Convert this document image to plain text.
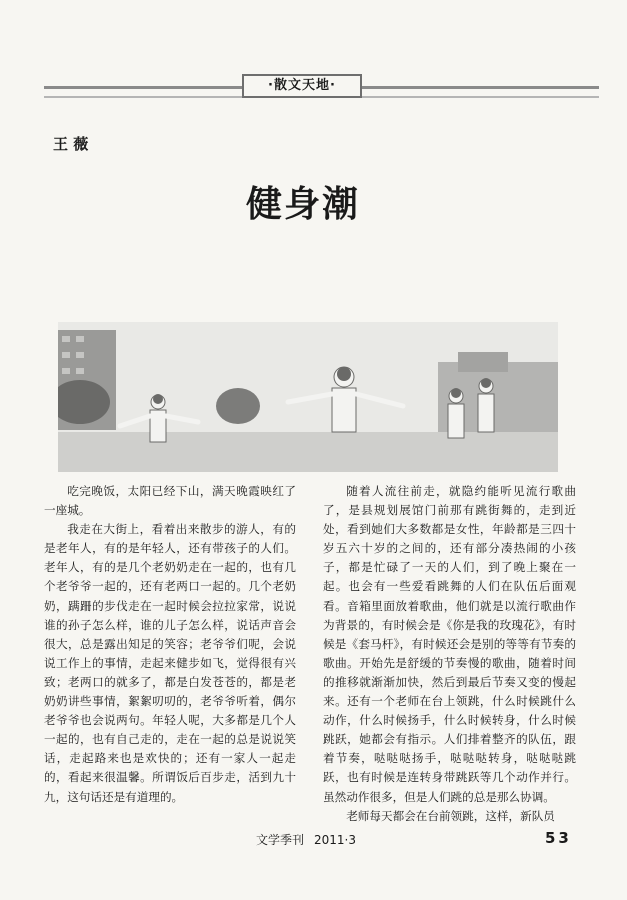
·散文天地·
王 薇
健身潮

吃完晚饭，太阳已经下山，满天晚霞映红了一座城。

我走在大街上，看着出来散步的游人，有的是老年人，有的是年轻人，还有带孩子的人们。老年人，有的是几个老奶奶走在一起的，也有几个老爷爷一起的，还有老两口一起的。几个老奶奶，蹒跚的步伐走在一起时候会拉拉家常，说说谁的孙子怎么样，谁的儿子怎么样，说话声音会很大，总是露出知足的笑容；老爷爷们呢，会说说工作上的事情，走起来健步如飞，觉得很有兴致；老两口的就多了，都是白发苍苍的，都是老奶奶讲些事情，絮絮叨叨的，老爷爷听着，偶尔老爷爷也会说两句。年轻人呢，大多都是几个人一起的，也有自己走的，走在一起的总是说说笑话，走起路来也是欢快的；还有一家人一起走的，看起来很温馨。所谓饭后百步走，活到九十九，这句话还是有道理的。

随着人流往前走，就隐约能听见流行歌曲了，是县规划展馆门前那有跳街舞的，走到近处，看到她们大多数都是女性，年龄都是三四十岁五六十岁的之间的，还有部分凑热闹的小孩子，都是忙碌了一天的人们，到了晚上聚在一起。也会有一些爱看跳舞的人们在队伍后面观看。音箱里面放着歌曲，他们就是以流行歌曲作为背景的，有时候会是《你是我的玫瑰花》，有时候是《套马杆》，有时候还会是别的等等有节奏的歌曲。开始先是舒缓的节奏慢的歌曲，随着时间的推移就渐渐加快，然后到最后节奏又变的慢起来。还有一个老师在台上领跳，什么时候跳什么动作，什么时候扬手，什么时候转身，什么时候跳跃，她都会有指示。人们排着整齐的队伍，跟着节奏，哒哒哒扬手，哒哒哒转身，哒哒哒跳跃，也有时候是连转身带跳跃等几个动作并行。虽然动作很多，但是人们跳的总是那么协调。

老师每天都会在台前领跳，这样，新队员

文学季刊 2011·3	53
